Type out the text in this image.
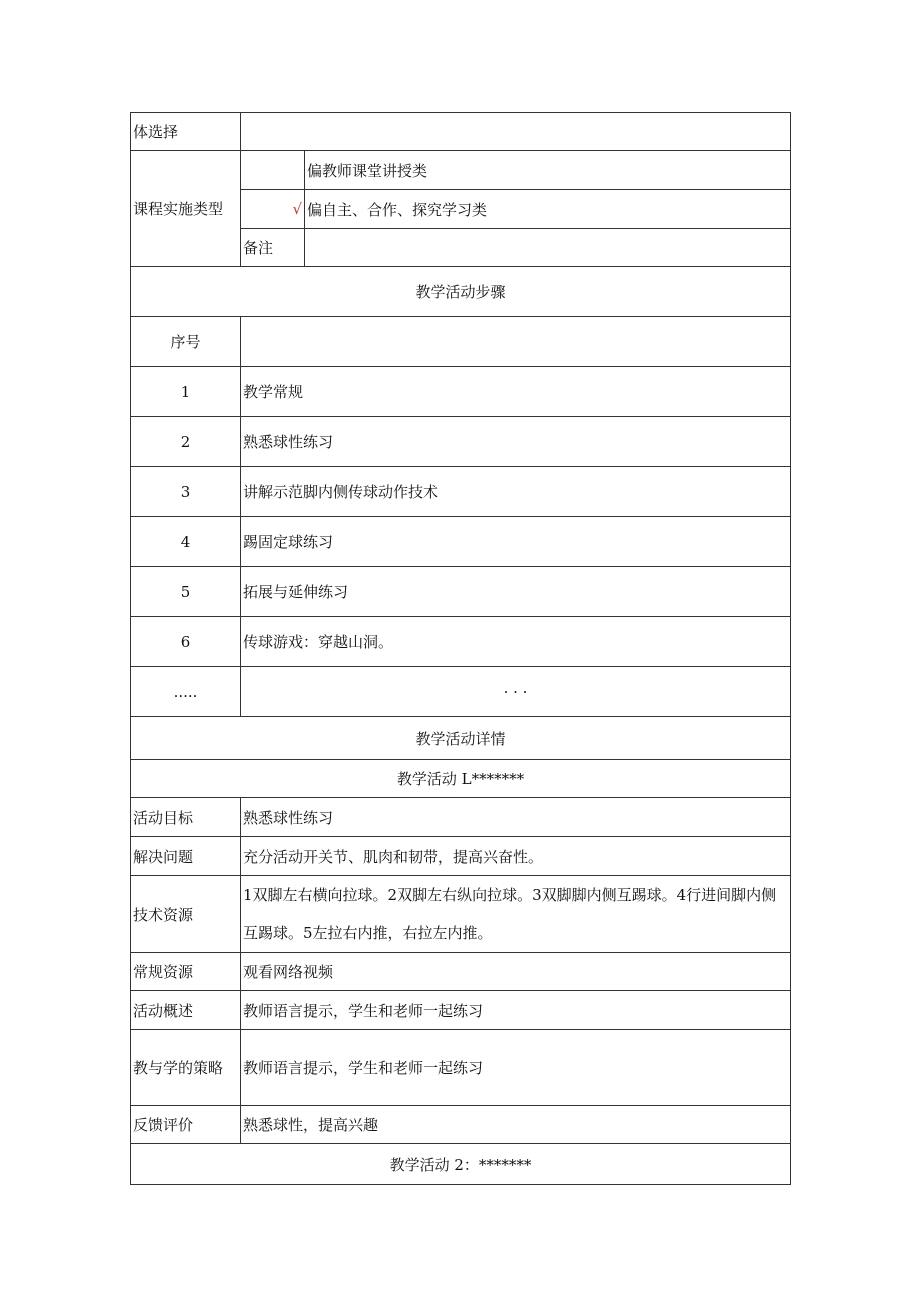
体选择		
课程实施类型		偏教师课堂讲授类
	√	偏自主、合作、探究学习类
	备注	
教学活动步骤		
序号		
1	教学常规	
2	熟悉球性练习	
3	讲解示范脚内侧传球动作技术	
4	踢固定球练习	
5	拓展与延伸练习	
6	传球游戏：穿越山洞。	
.....	· · ·	
教学活动详情		
教学活动 L*******		
活动目标	熟悉球性练习	
解决问题	充分活动开关节、肌肉和韧带，提高兴奋性。	
技术资源	1双脚左右横向拉球。2双脚左右纵向拉球。3双脚脚内侧互踢球。4行进间脚内侧互踢球。5左拉右内推，右拉左内推。	
常规资源	观看网络视频	
活动概述	教师语言提示，学生和老师一起练习	
教与学的策略	教师语言提示，学生和老师一起练习	
反馈评价	熟悉球性，提高兴趣	
教学活动 2：*******		
